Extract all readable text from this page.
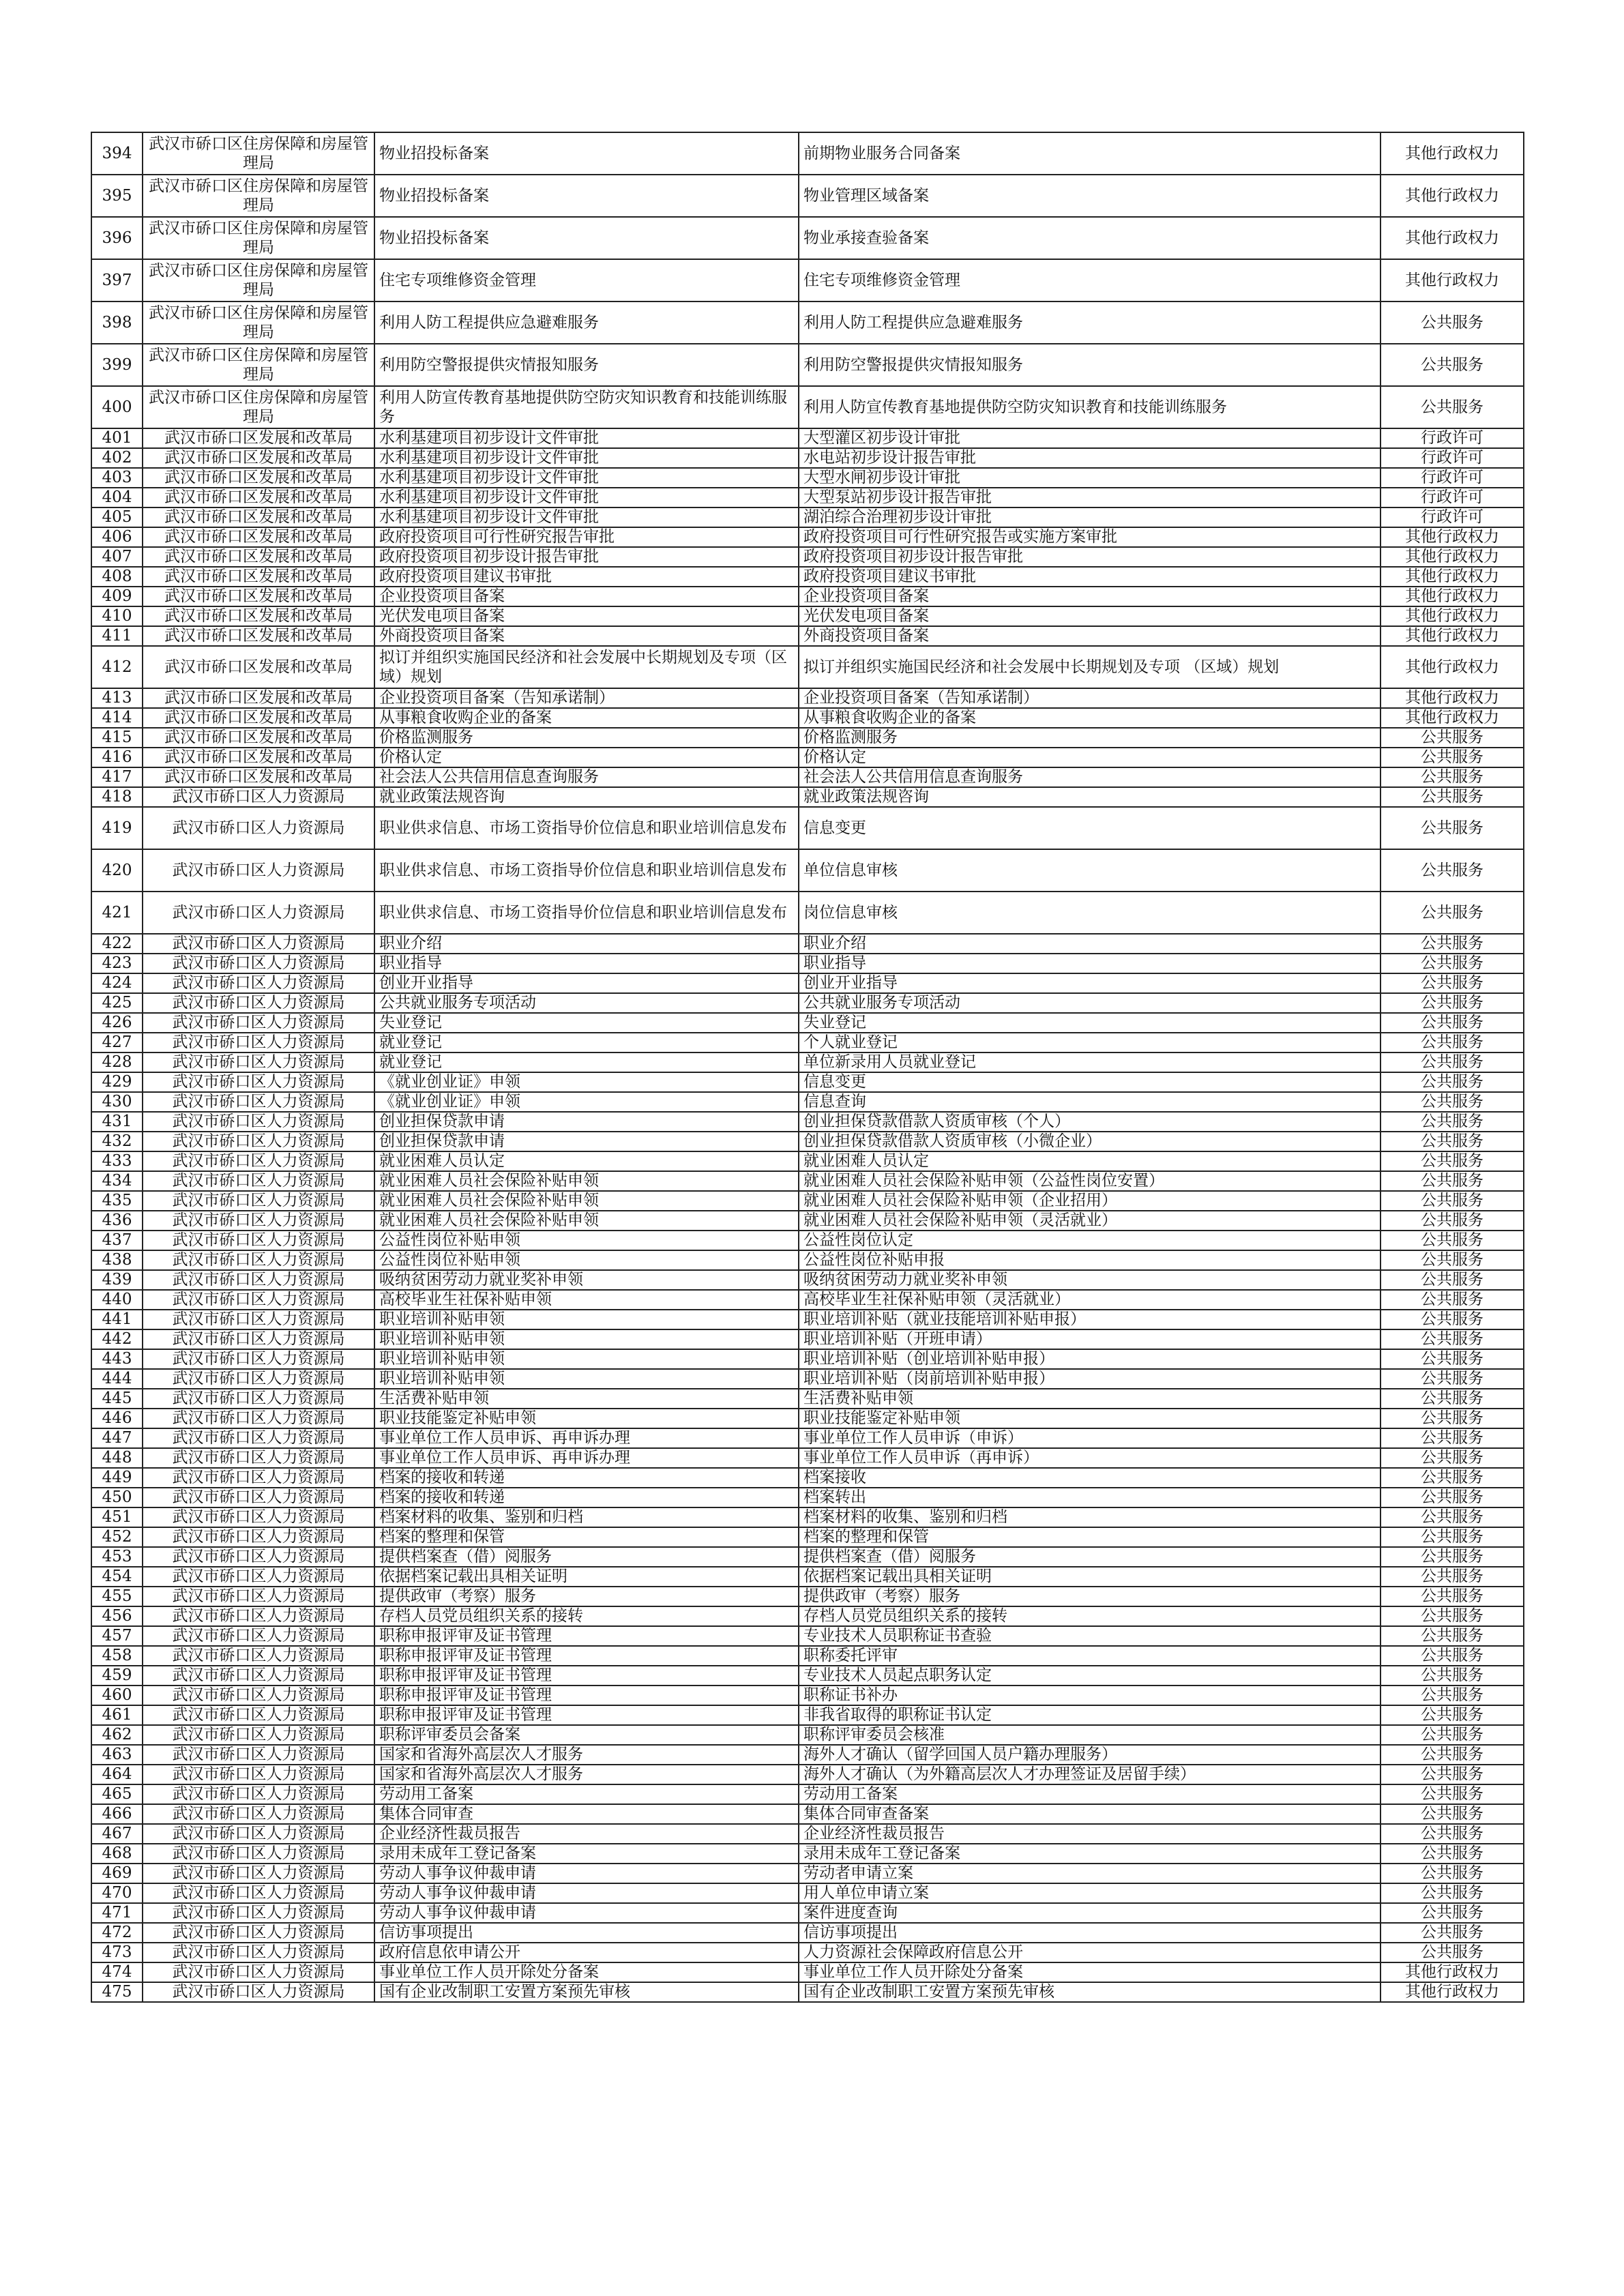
394	武汉市硚口区住房保障和房屋管理局	物业招投标备案	前期物业服务合同备案	其他行政权力
395	武汉市硚口区住房保障和房屋管理局	物业招投标备案	物业管理区域备案	其他行政权力
396	武汉市硚口区住房保障和房屋管理局	物业招投标备案	物业承接查验备案	其他行政权力
397	武汉市硚口区住房保障和房屋管理局	住宅专项维修资金管理	住宅专项维修资金管理	其他行政权力
398	武汉市硚口区住房保障和房屋管理局	利用人防工程提供应急避难服务	利用人防工程提供应急避难服务	公共服务
399	武汉市硚口区住房保障和房屋管理局	利用防空警报提供灾情报知服务	利用防空警报提供灾情报知服务	公共服务
400	武汉市硚口区住房保障和房屋管理局	利用人防宣传教育基地提供防空防灾知识教育和技能训练服务	利用人防宣传教育基地提供防空防灾知识教育和技能训练服务	公共服务
401	武汉市硚口区发展和改革局	水利基建项目初步设计文件审批	大型灌区初步设计审批	行政许可
402	武汉市硚口区发展和改革局	水利基建项目初步设计文件审批	水电站初步设计报告审批	行政许可
403	武汉市硚口区发展和改革局	水利基建项目初步设计文件审批	大型水闸初步设计审批	行政许可
404	武汉市硚口区发展和改革局	水利基建项目初步设计文件审批	大型泵站初步设计报告审批	行政许可
405	武汉市硚口区发展和改革局	水利基建项目初步设计文件审批	湖泊综合治理初步设计审批	行政许可
406	武汉市硚口区发展和改革局	政府投资项目可行性研究报告审批	政府投资项目可行性研究报告或实施方案审批	其他行政权力
407	武汉市硚口区发展和改革局	政府投资项目初步设计报告审批	政府投资项目初步设计报告审批	其他行政权力
408	武汉市硚口区发展和改革局	政府投资项目建议书审批	政府投资项目建议书审批	其他行政权力
409	武汉市硚口区发展和改革局	企业投资项目备案	企业投资项目备案	其他行政权力
410	武汉市硚口区发展和改革局	光伏发电项目备案	光伏发电项目备案	其他行政权力
411	武汉市硚口区发展和改革局	外商投资项目备案	外商投资项目备案	其他行政权力
412	武汉市硚口区发展和改革局	拟订并组织实施国民经济和社会发展中长期规划及专项（区域）规划	拟订并组织实施国民经济和社会发展中长期规划及专项 （区域）规划	其他行政权力
413	武汉市硚口区发展和改革局	企业投资项目备案（告知承诺制）	企业投资项目备案（告知承诺制）	其他行政权力
414	武汉市硚口区发展和改革局	从事粮食收购企业的备案	从事粮食收购企业的备案	其他行政权力
415	武汉市硚口区发展和改革局	价格监测服务	价格监测服务	公共服务
416	武汉市硚口区发展和改革局	价格认定	价格认定	公共服务
417	武汉市硚口区发展和改革局	社会法人公共信用信息查询服务	社会法人公共信用信息查询服务	公共服务
418	武汉市硚口区人力资源局	就业政策法规咨询	就业政策法规咨询	公共服务
419	武汉市硚口区人力资源局	职业供求信息、市场工资指导价位信息和职业培训信息发布	信息变更	公共服务
420	武汉市硚口区人力资源局	职业供求信息、市场工资指导价位信息和职业培训信息发布	单位信息审核	公共服务
421	武汉市硚口区人力资源局	职业供求信息、市场工资指导价位信息和职业培训信息发布	岗位信息审核	公共服务
422	武汉市硚口区人力资源局	职业介绍	职业介绍	公共服务
423	武汉市硚口区人力资源局	职业指导	职业指导	公共服务
424	武汉市硚口区人力资源局	创业开业指导	创业开业指导	公共服务
425	武汉市硚口区人力资源局	公共就业服务专项活动	公共就业服务专项活动	公共服务
426	武汉市硚口区人力资源局	失业登记	失业登记	公共服务
427	武汉市硚口区人力资源局	就业登记	个人就业登记	公共服务
428	武汉市硚口区人力资源局	就业登记	单位新录用人员就业登记	公共服务
429	武汉市硚口区人力资源局	《就业创业证》申领	信息变更	公共服务
430	武汉市硚口区人力资源局	《就业创业证》申领	信息查询	公共服务
431	武汉市硚口区人力资源局	创业担保贷款申请	创业担保贷款借款人资质审核（个人）	公共服务
432	武汉市硚口区人力资源局	创业担保贷款申请	创业担保贷款借款人资质审核（小微企业）	公共服务
433	武汉市硚口区人力资源局	就业困难人员认定	就业困难人员认定	公共服务
434	武汉市硚口区人力资源局	就业困难人员社会保险补贴申领	就业困难人员社会保险补贴申领（公益性岗位安置）	公共服务
435	武汉市硚口区人力资源局	就业困难人员社会保险补贴申领	就业困难人员社会保险补贴申领（企业招用）	公共服务
436	武汉市硚口区人力资源局	就业困难人员社会保险补贴申领	就业困难人员社会保险补贴申领（灵活就业）	公共服务
437	武汉市硚口区人力资源局	公益性岗位补贴申领	公益性岗位认定	公共服务
438	武汉市硚口区人力资源局	公益性岗位补贴申领	公益性岗位补贴申报	公共服务
439	武汉市硚口区人力资源局	吸纳贫困劳动力就业奖补申领	吸纳贫困劳动力就业奖补申领	公共服务
440	武汉市硚口区人力资源局	高校毕业生社保补贴申领	高校毕业生社保补贴申领（灵活就业）	公共服务
441	武汉市硚口区人力资源局	职业培训补贴申领	职业培训补贴（就业技能培训补贴申报）	公共服务
442	武汉市硚口区人力资源局	职业培训补贴申领	职业培训补贴（开班申请）	公共服务
443	武汉市硚口区人力资源局	职业培训补贴申领	职业培训补贴（创业培训补贴申报）	公共服务
444	武汉市硚口区人力资源局	职业培训补贴申领	职业培训补贴（岗前培训补贴申报）	公共服务
445	武汉市硚口区人力资源局	生活费补贴申领	生活费补贴申领	公共服务
446	武汉市硚口区人力资源局	职业技能鉴定补贴申领	职业技能鉴定补贴申领	公共服务
447	武汉市硚口区人力资源局	事业单位工作人员申诉、再申诉办理	事业单位工作人员申诉（申诉）	公共服务
448	武汉市硚口区人力资源局	事业单位工作人员申诉、再申诉办理	事业单位工作人员申诉（再申诉）	公共服务
449	武汉市硚口区人力资源局	档案的接收和转递	档案接收	公共服务
450	武汉市硚口区人力资源局	档案的接收和转递	档案转出	公共服务
451	武汉市硚口区人力资源局	档案材料的收集、鉴别和归档	档案材料的收集、鉴别和归档	公共服务
452	武汉市硚口区人力资源局	档案的整理和保管	档案的整理和保管	公共服务
453	武汉市硚口区人力资源局	提供档案查（借）阅服务	提供档案查（借）阅服务	公共服务
454	武汉市硚口区人力资源局	依据档案记载出具相关证明	依据档案记载出具相关证明	公共服务
455	武汉市硚口区人力资源局	提供政审（考察）服务	提供政审（考察）服务	公共服务
456	武汉市硚口区人力资源局	存档人员党员组织关系的接转	存档人员党员组织关系的接转	公共服务
457	武汉市硚口区人力资源局	职称申报评审及证书管理	专业技术人员职称证书查验	公共服务
458	武汉市硚口区人力资源局	职称申报评审及证书管理	职称委托评审	公共服务
459	武汉市硚口区人力资源局	职称申报评审及证书管理	专业技术人员起点职务认定	公共服务
460	武汉市硚口区人力资源局	职称申报评审及证书管理	职称证书补办	公共服务
461	武汉市硚口区人力资源局	职称申报评审及证书管理	非我省取得的职称证书认定	公共服务
462	武汉市硚口区人力资源局	职称评审委员会备案	职称评审委员会核准	公共服务
463	武汉市硚口区人力资源局	国家和省海外高层次人才服务	海外人才确认（留学回国人员户籍办理服务）	公共服务
464	武汉市硚口区人力资源局	国家和省海外高层次人才服务	海外人才确认（为外籍高层次人才办理签证及居留手续）	公共服务
465	武汉市硚口区人力资源局	劳动用工备案	劳动用工备案	公共服务
466	武汉市硚口区人力资源局	集体合同审查	集体合同审查备案	公共服务
467	武汉市硚口区人力资源局	企业经济性裁员报告	企业经济性裁员报告	公共服务
468	武汉市硚口区人力资源局	录用未成年工登记备案	录用未成年工登记备案	公共服务
469	武汉市硚口区人力资源局	劳动人事争议仲裁申请	劳动者申请立案	公共服务
470	武汉市硚口区人力资源局	劳动人事争议仲裁申请	用人单位申请立案	公共服务
471	武汉市硚口区人力资源局	劳动人事争议仲裁申请	案件进度查询	公共服务
472	武汉市硚口区人力资源局	信访事项提出	信访事项提出	公共服务
473	武汉市硚口区人力资源局	政府信息依申请公开	人力资源社会保障政府信息公开	公共服务
474	武汉市硚口区人力资源局	事业单位工作人员开除处分备案	事业单位工作人员开除处分备案	其他行政权力
475	武汉市硚口区人力资源局	国有企业改制职工安置方案预先审核	国有企业改制职工安置方案预先审核	其他行政权力
